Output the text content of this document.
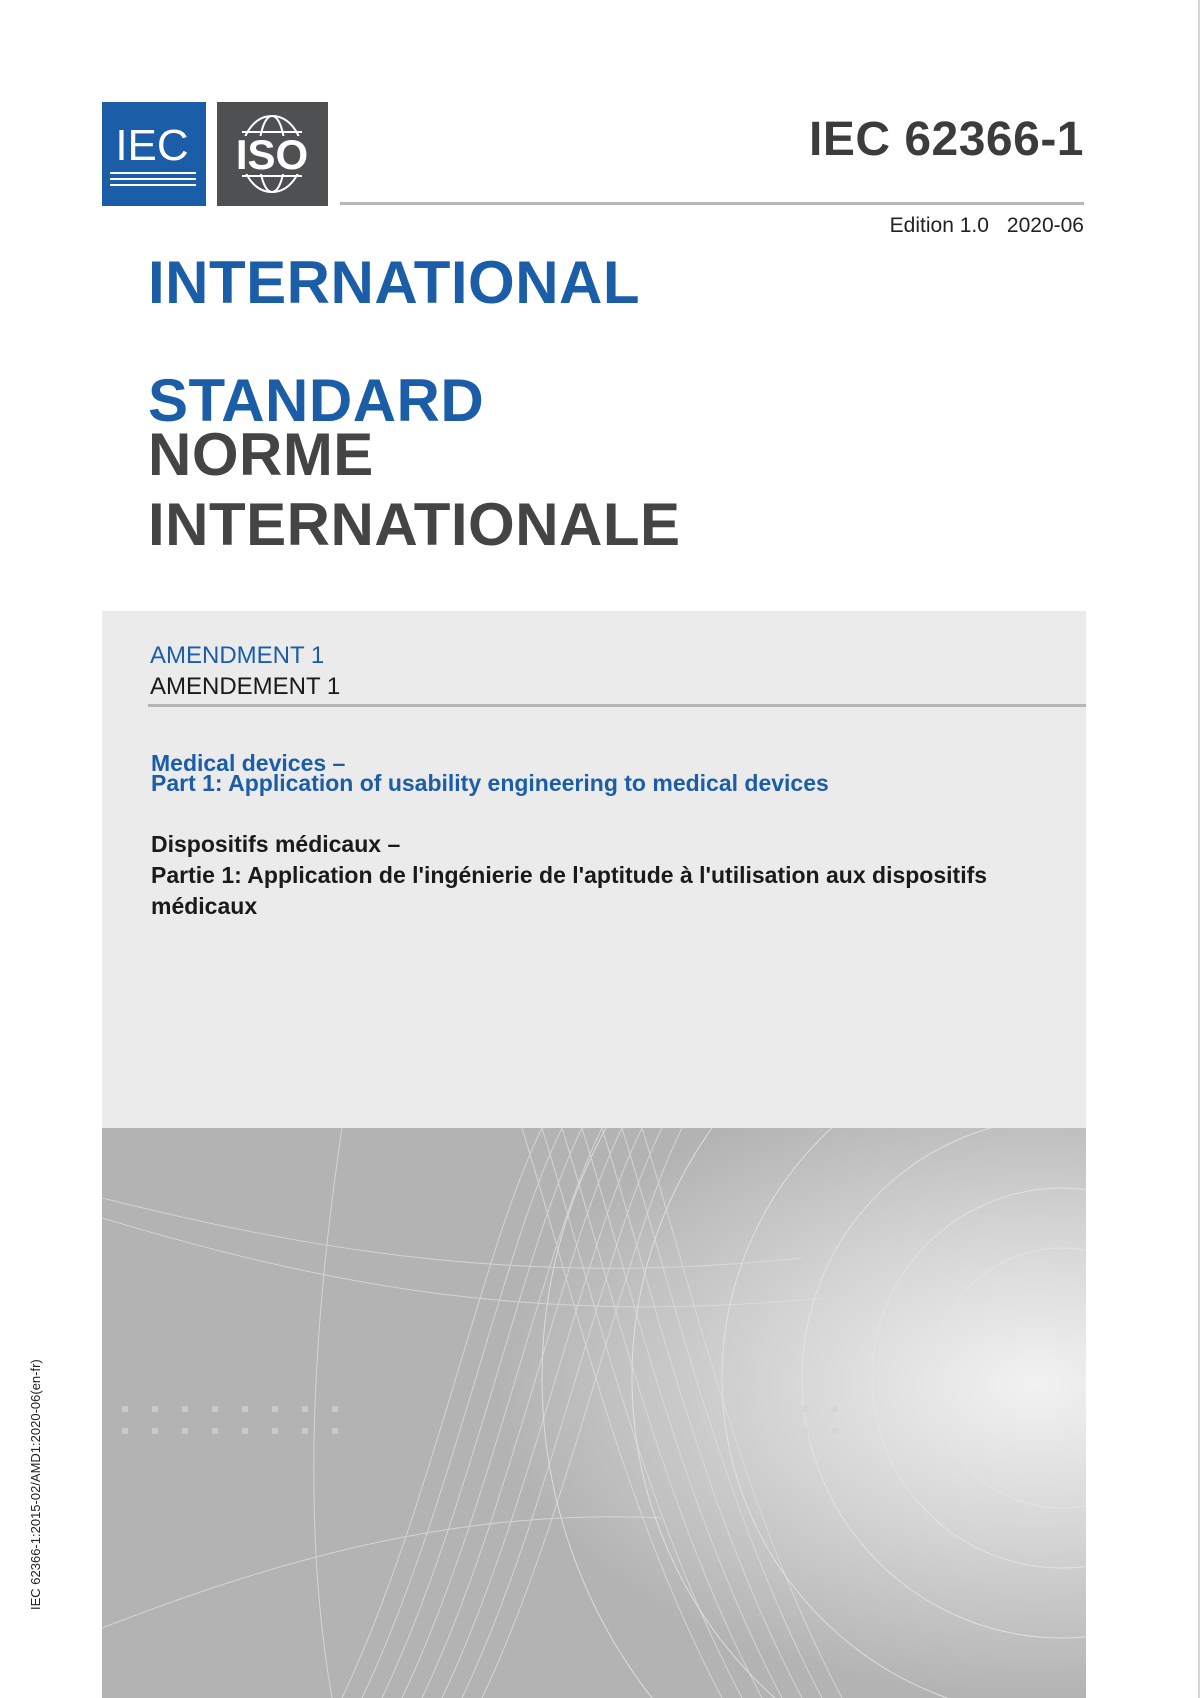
IEC ISO	IEC 62366-1
Edition 1.0 2020-06
INTERNATIONAL
STANDARD
NORME
INTERNATIONALE
AMENDMENT 1
AMENDEMENT 1
Medical devices –
Part 1: Application of usability engineering to medical devices
Dispositifs médicaux –
Partie 1: Application de l'ingénierie de l'aptitude à l'utilisation aux dispositifs
médicaux
IEC 62366-1:2015-02/AMD1:2020-06(en-fr)
